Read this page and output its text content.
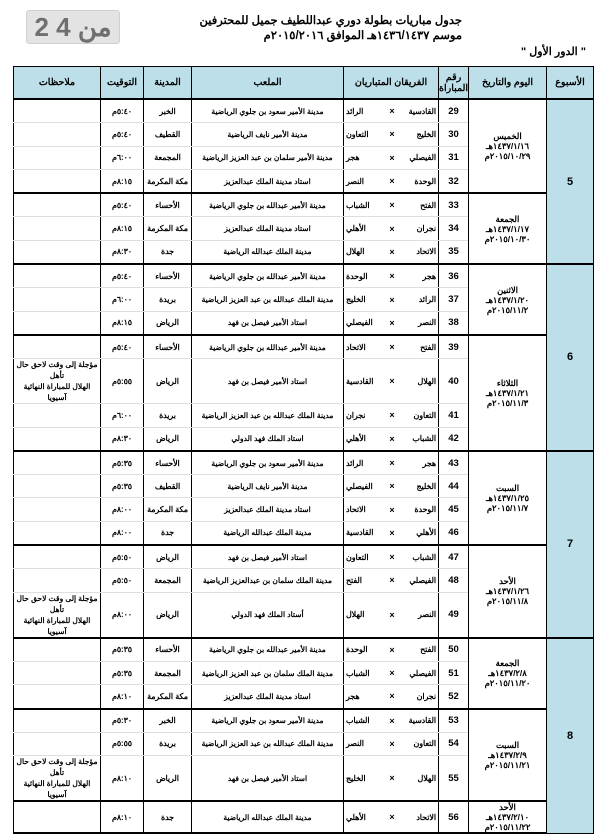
2 من 4	جدول مباريات بطولة دوري عبداللطيف جميل للمحترفين
موسم ١٤٣٦/١٤٣٧هـ الموافق ٢٠١٥/٢٠١٦م
" الدور الأول "
الأسبوع	اليوم والتاريخ	رقم المباراة	الفريقان المتباريان			الملعب	المدينة	التوقيت	ملاحظات
5	الخميس
١٤٣٧/١/١٦هـ
٢٠١٥/١٠/٢٩م	29	القادسية	×	الرائد	مدينة الأمير سعود بن جلوي الرياضية	الخبر	٥:٤٠م	
		30	الخليج	×	التعاون	مدينة الأمير نايف الرياضية	القطيف	٥:٤٠م	
		31	الفيصلي	×	هجر	مدينة الأمير سلمان بن عبد العزيز الرياضية	المجمعة	٦:٠٠م	
		32	الوحدة	×	النصر	استاد مدينة الملك عبدالعزيز	مكة المكرمة	٨:١٥م	

	الجمعة
١٤٣٧/١/١٧هـ
٢٠١٥/١٠/٣٠م	33	الفتح	×	الشباب	مدينة الأمير عبدالله بن جلوي الرياضية	الأحساء	٥:٤٠م	
		34	نجران	×	الأهلي	استاد مدينة الملك عبدالعزيز	مكة المكرمة	٨:١٥م	
		35	الاتحاد	×	الهلال	مدينة الملك عبدالله الرياضية	جدة	٨:٣٠م	
6	الاثنين
١٤٣٧/١/٢٠هـ
٢٠١٥/١١/٢م	36	هجر	×	الوحدة	مدينة الأمير عبدالله بن جلوي الرياضية	الأحساء	٥:٤٠م	
		37	الرائد	×	الخليج	مدينة الملك عبدالله بن عبد العزيز الرياضية	بريدة	٦:٠٠م	
		38	النصر	×	الفيصلي	استاد الأمير فيصل بن فهد	الرياض	٨:١٥م	

	الثلاثاء
١٤٣٧/١/٢١هـ
٢٠١٥/١١/٣م	39	الفتح	×	الاتحاد	مدينة الأمير عبدالله بن جلوي الرياضية	الأحساء	٥:٤٠م	
		40	الهلال	×	القادسية	استاد الأمير فيصل بن فهد	الرياض	٥:٥٥م	مؤجلة إلى وقت لاحق حال تأهل
الهلال للمباراة النهائية آسيويا
		41	التعاون	×	نجران	مدينة الملك عبدالله بن عبد العزيز الرياضية	بريدة	٦:٠٠م	
		42	الشباب	×	الأهلي	استاد الملك فهد الدولي	الرياض	٨:٣٠م	
7	السبت
١٤٣٧/١/٢٥هـ
٢٠١٥/١١/٧م	43	هجر	×	الرائد	مدينة الأمير سعود بن جلوي الرياضية	الأحساء	٥:٣٥م	
		44	الخليج	×	الفيصلي	مدينة الأمير نايف الرياضية	القطيف	٥:٣٥م	
		45	الوحدة	×	الاتحاد	استاد مدينة الملك عبدالعزيز	مكة المكرمة	٨:٠٠م	
		46	الأهلي	×	القادسية	مدينة الملك عبدالله الرياضية	جدة	٨:٠٠م	

	الأحد
١٤٣٧/١/٢٦هـ
٢٠١٥/١١/٨م	47	الشباب	×	التعاون	استاد الأمير فيصل بن فهد	الرياض	٥:٥٠م	
		48	الفيصلي	×	الفتح	مدينة الملك سلمان بن عبدالعزيز الرياضية	المجمعة	٥:٥٠م	
		49	النصر	×	الهلال	أستاد الملك فهد الدولي	الرياض	٨:٠٠م	مؤجلة إلى وقت لاحق حال تأهل
الهلال للمباراة النهائية آسيويا
8	الجمعة
١٤٣٧/٢/٨هـ
٢٠١٥/١١/٢٠م	50	الفتح	×	الوحدة	مدينة الأمير عبدالله بن جلوي الرياضية	الأحساء	٥:٣٥م	
		51	الفيصلي	×	الشباب	مدينة الملك سلمان بن عبد العزيز الرياضية	المجمعة	٥:٣٥م	
		52	نجران	×	هجر	استاد مدينة الملك عبدالعزيز	مكة المكرمة	٨:١٠م	

	السبت
١٤٣٧/٢/٩هـ
٢٠١٥/١١/٢١م	53	القادسية	×	الشباب	مدينة الأمير سعود بن جلوي الرياضية	الخبر	٥:٣٠م	
		54	التعاون	×	النصر	مدينة الملك عبدالله بن عبد العزيز الرياضية	بريدة	٥:٥٥م	
		55	الهلال	×	الخليج	استاد الأمير فيصل بن فهد	الرياض	٨:١٠م	مؤجلة إلى وقت لاحق حال تأهل
الهلال للمباراة النهائية آسيويا

	الأحد
١٤٣٧/٢/١٠هـ
٢٠١٥/١١/٢٢م	56	الاتحاد	×	الأهلي	مدينة الملك عبدالله الرياضية	جدة	٨:١٠م	
